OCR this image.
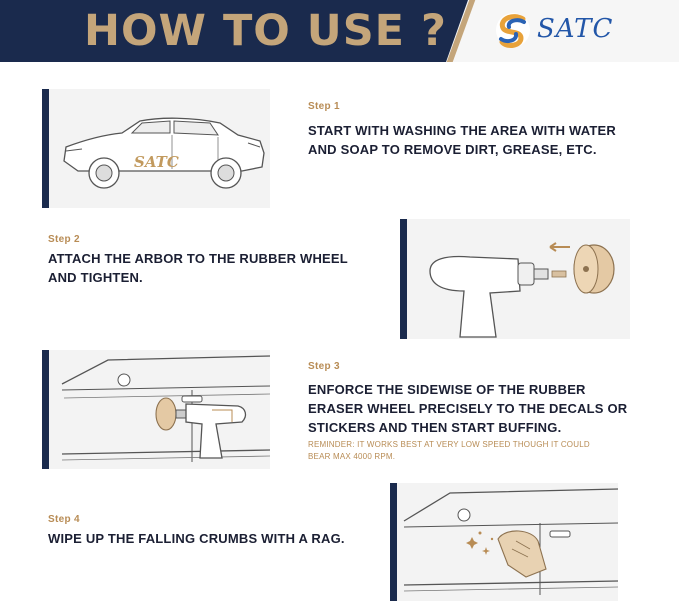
HOW TO USE ?	SATC
SATC
Step 1
START WITH WASHING THE AREA WITH WATER AND SOAP TO REMOVE DIRT, GREASE, ETC.
Step 2
ATTACH THE ARBOR TO THE RUBBER WHEEL AND TIGHTEN.
Step 3
ENFORCE THE SIDEWISE OF THE RUBBER ERASER WHEEL PRECISELY TO THE DECALS OR STICKERS AND THEN START BUFFING.
REMINDER: IT WORKS BEST AT VERY LOW SPEED THOUGH IT COULD BEAR MAX 4000 RPM.
Step 4
WIPE UP THE FALLING CRUMBS WITH A RAG.
